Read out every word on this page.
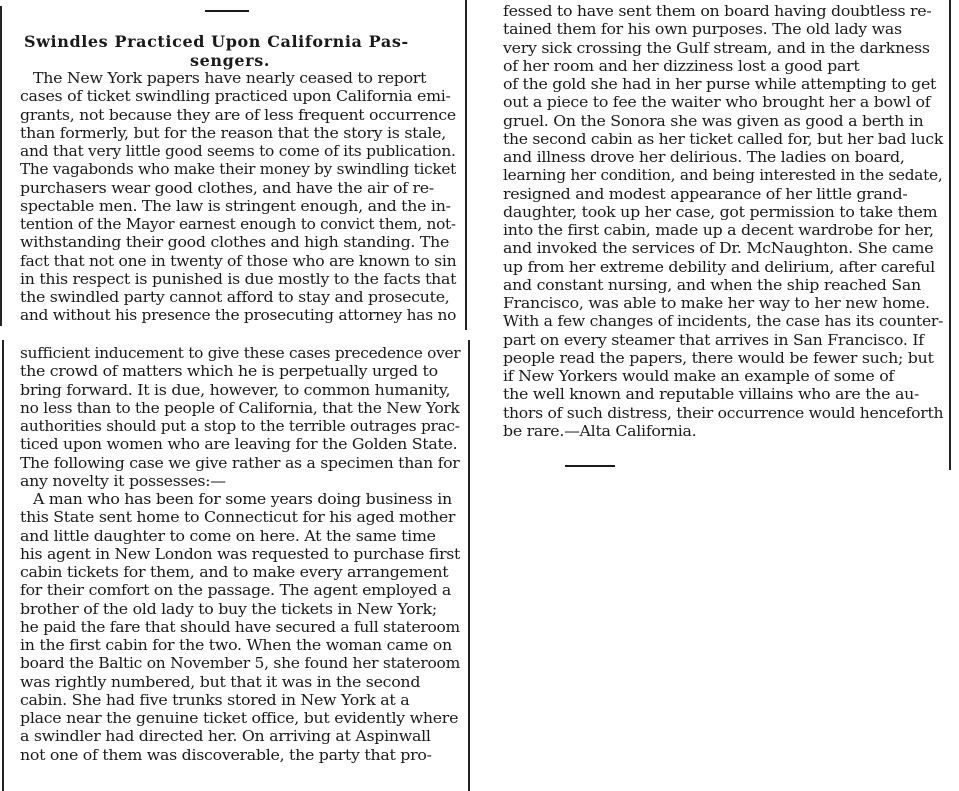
Swindles Practiced Upon California Pas-
sengers.
The New York papers have nearly ceased to report
cases of ticket swindling practiced upon California emi-
grants, not because they are of less frequent occurrence
than formerly, but for the reason that the story is stale,
and that very little good seems to come of its publication.
The vagabonds who make their money by swindling ticket
purchasers wear good clothes, and have the air of re-
spectable men. The law is stringent enough, and the in-
tention of the Mayor earnest enough to convict them, not-
withstanding their good clothes and high standing. The
fact that not one in twenty of those who are known to sin
in this respect is punished is due mostly to the facts that
the swindled party cannot afford to stay and prosecute,
and without his presence the prosecuting attorney has no
sufficient inducement to give these cases precedence over
the crowd of matters which he is perpetually urged to
bring forward. It is due, however, to common humanity,
no less than to the people of California, that the New York
authorities should put a stop to the terrible outrages prac-
ticed upon women who are leaving for the Golden State.
The following case we give rather as a specimen than for
any novelty it possesses:—
A man who has been for some years doing business in
this State sent home to Connecticut for his aged mother
and little daughter to come on here. At the same time
his agent in New London was requested to purchase first
cabin tickets for them, and to make every arrangement
for their comfort on the passage. The agent employed a
brother of the old lady to buy the tickets in New York;
he paid the fare that should have secured a full stateroom
in the first cabin for the two. When the woman came on
board the Baltic on November 5, she found her stateroom
was rightly numbered, but that it was in the second
cabin. She had five trunks stored in New York at a
place near the genuine ticket office, but evidently where
a swindler had directed her. On arriving at Aspinwall
not one of them was discoverable, the party that pro-
fessed to have sent them on board having doubtless re-
tained them for his own purposes. The old lady was
very sick crossing the Gulf stream, and in the darkness
of her room and her dizziness lost a good part
of the gold she had in her purse while attempting to get
out a piece to fee the waiter who brought her a bowl of
gruel. On the Sonora she was given as good a berth in
the second cabin as her ticket called for, but her bad luck
and illness drove her delirious. The ladies on board,
learning her condition, and being interested in the sedate,
resigned and modest appearance of her little grand-
daughter, took up her case, got permission to take them
into the first cabin, made up a decent wardrobe for her,
and invoked the services of Dr. McNaughton. She came
up from her extreme debility and delirium, after careful
and constant nursing, and when the ship reached San
Francisco, was able to make her way to her new home.
With a few changes of incidents, the case has its counter-
part on every steamer that arrives in San Francisco. If
people read the papers, there would be fewer such; but
if New Yorkers would make an example of some of
the well known and reputable villains who are the au-
thors of such distress, their occurrence would henceforth
be rare.—Alta California.
